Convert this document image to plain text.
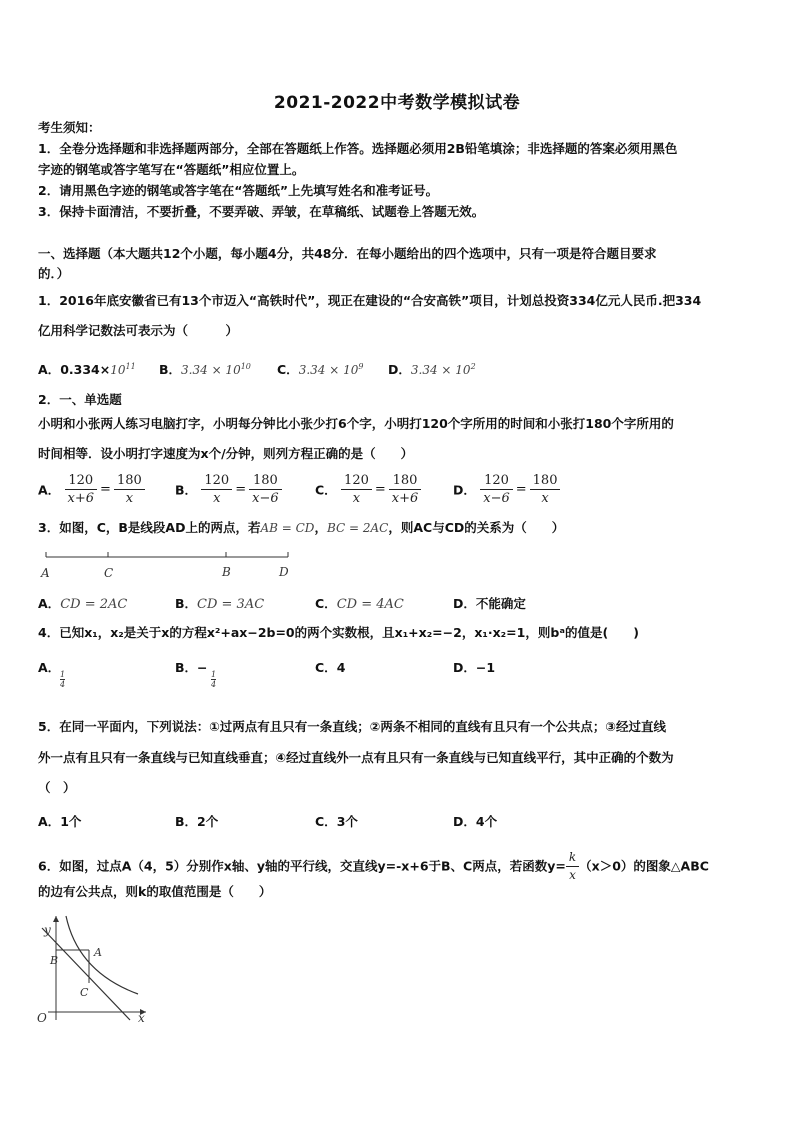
2021-2022中考数学模拟试卷
考生须知：
1．全卷分选择题和非选择题两部分，全部在答题纸上作答。选择题必须用2B铅笔填涂；非选择题的答案必须用黑色
字迹的钢笔或答字笔写在“答题纸”相应位置上。
2．请用黑色字迹的钢笔或答字笔在“答题纸”上先填写姓名和准考证号。
3．保持卡面清洁，不要折叠，不要弄破、弄皱，在草稿纸、试题卷上答题无效。
一、选择题（本大题共12个小题，每小题4分，共48分．在每小题给出的四个选项中，只有一项是符合题目要求
的．）
1．2016年底安徽省已有13个市迈入“高铁时代”，现正在建设的“合安高铁”项目，计划总投资334亿元人民币.把334
亿用科学记数法可表示为（　　　）
A．$0.334\times 10^{11}$ B．$3.34 \times 10^{10}$ C．$3.34 \times 10^9$ D．$3.34 \times 10^2$
2．一、单选题
小明和小张两人练习电脑打字，小明每分钟比小张少打6个字，小明打120个字所用的时间和小张打180个字所用的
时间相等．设小明打字速度为x个/分钟，则列方程正确的是（　　）
A． $\frac{120}{x+6} = \frac{180}{x}$ B． $\frac{120}{x} = \frac{180}{x-6}$	C． $\frac{120}{x} = \frac{180}{x+6}$	D． $\frac{120}{x-6} = \frac{180}{x}$
3．如图，C，B是线段AD上的两点，若AB = CD，BC = 2AC，则AC与CD的关系为（　　）
A	C	B	D
A．CD = 2AC	B．CD = 3AC	C．CD = 4AC	D．不能确定
4．已知x₁，x₂是关于x的方程x²+ax−2b=0的两个实数根，且x₁+x₂=−2，x₁·x₂=1，则bᵃ的值是(　　)
A．
$\frac{1}{4}$
B．−
$\frac{1}{4}$
C．4	D．−1
5．在同一平面内，下列说法：①过两点有且只有一条直线；②两条不相同的直线有且只有一个公共点；③经过直线
外一点有且只有一条直线与已知直线垂直；④经过直线外一点有且只有一条直线与已知直线平行，其中正确的个数为
（　）
A．1个	B．2个	C．3个	D．4个
6．如图，过点A（4，5）分别作x轴、y轴的平行线，交直线y=-x+6于B、C两点，若函数$y= \frac{k}{x} (x>0)$的图象△ABC
的边有公共点，则k的取值范围是（　　）
y
x
O
A
B
C
